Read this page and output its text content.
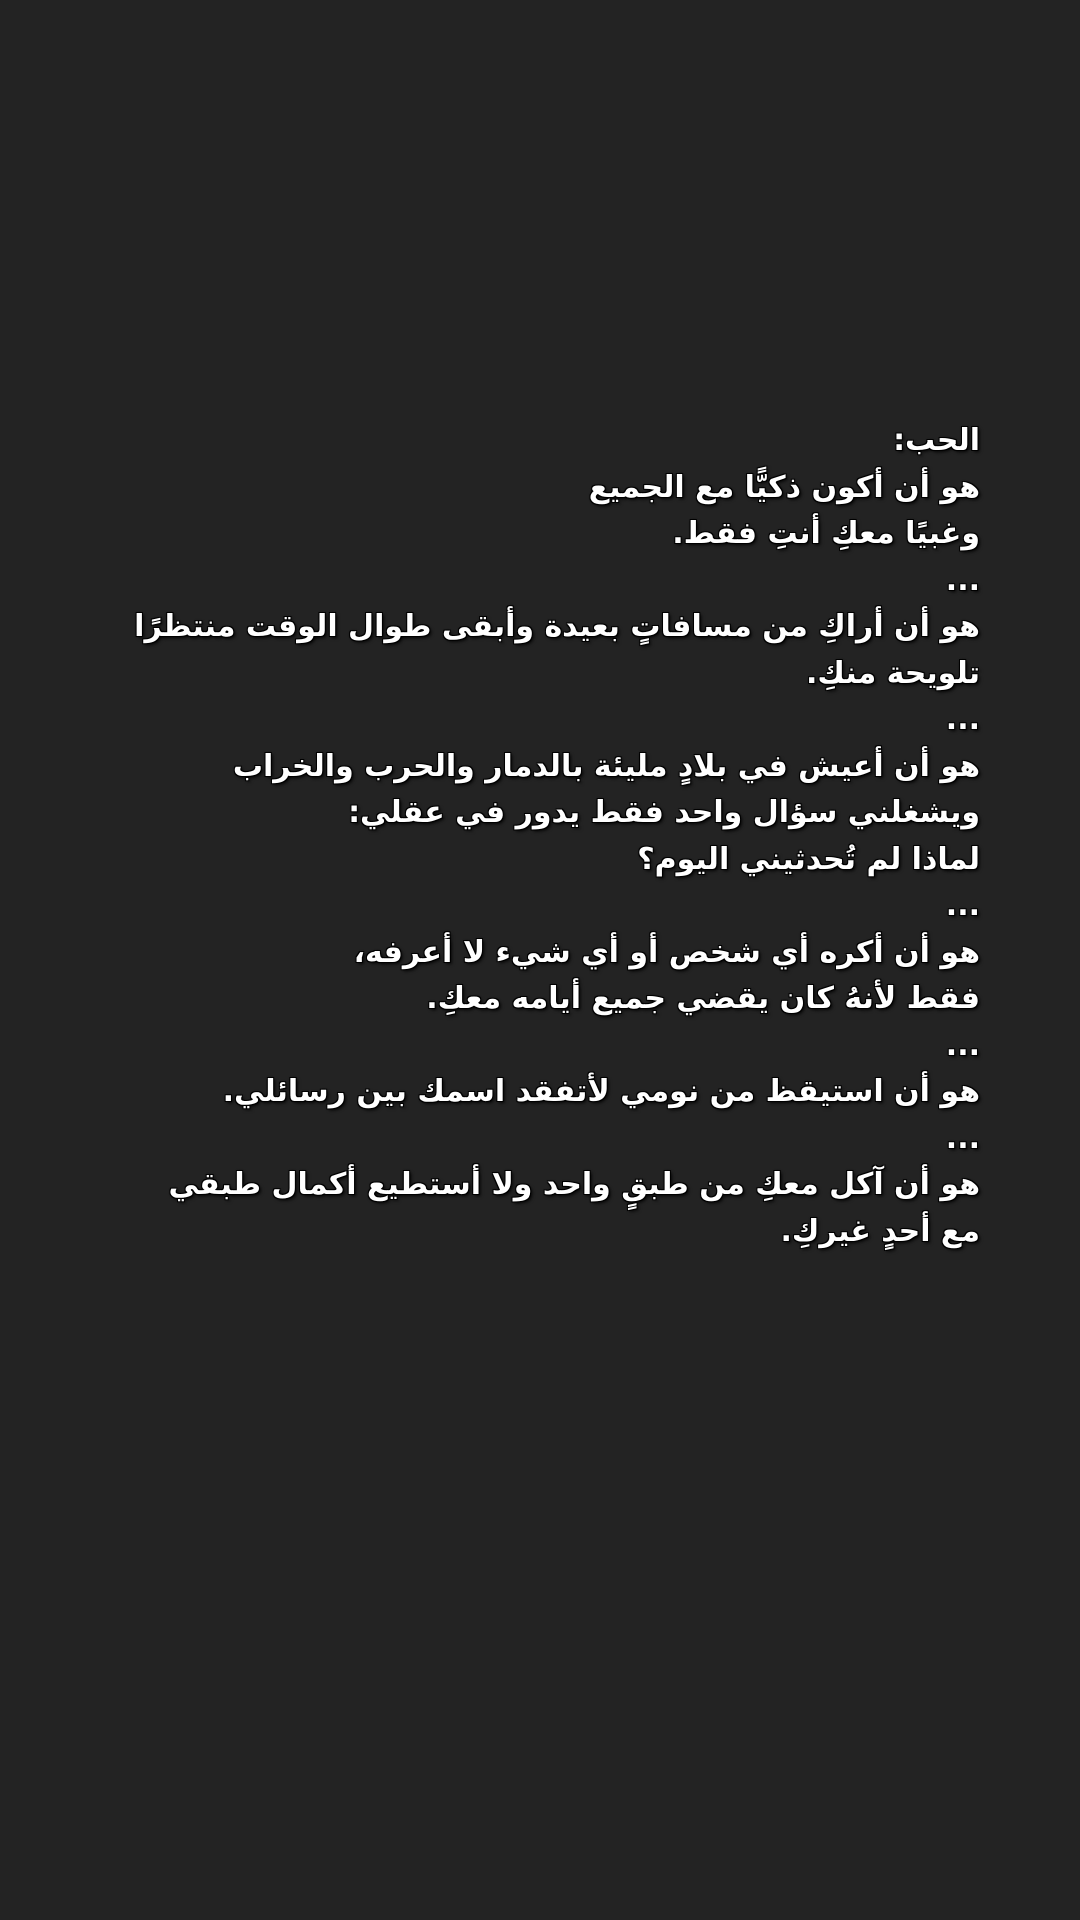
الحب:
هو أن أكون ذكيًّا مع الجميع
وغبيًا معكِ أنتِ فقط.
...
هو أن أراكِ من مسافاتٍ بعيدة وأبقى طوال الوقت منتظرًا تلويحة منكِ.
...
هو أن أعيش في بلادٍ مليئة بالدمار والحرب والخراب ويشغلني سؤال واحد فقط يدور في عقلي:
لماذا لم تُحدثيني اليوم؟
...
هو أن أكره أي شخص أو أي شيء لا أعرفه،
فقط لأنهُ كان يقضي جميع أيامه معكِ.
...
هو أن استيقظ من نومي لأتفقد اسمك بين رسائلي.
...
هو أن آكل معكِ من طبقٍ واحد ولا أستطيع أكمال طبقي مع أحدٍ غيركِ.
